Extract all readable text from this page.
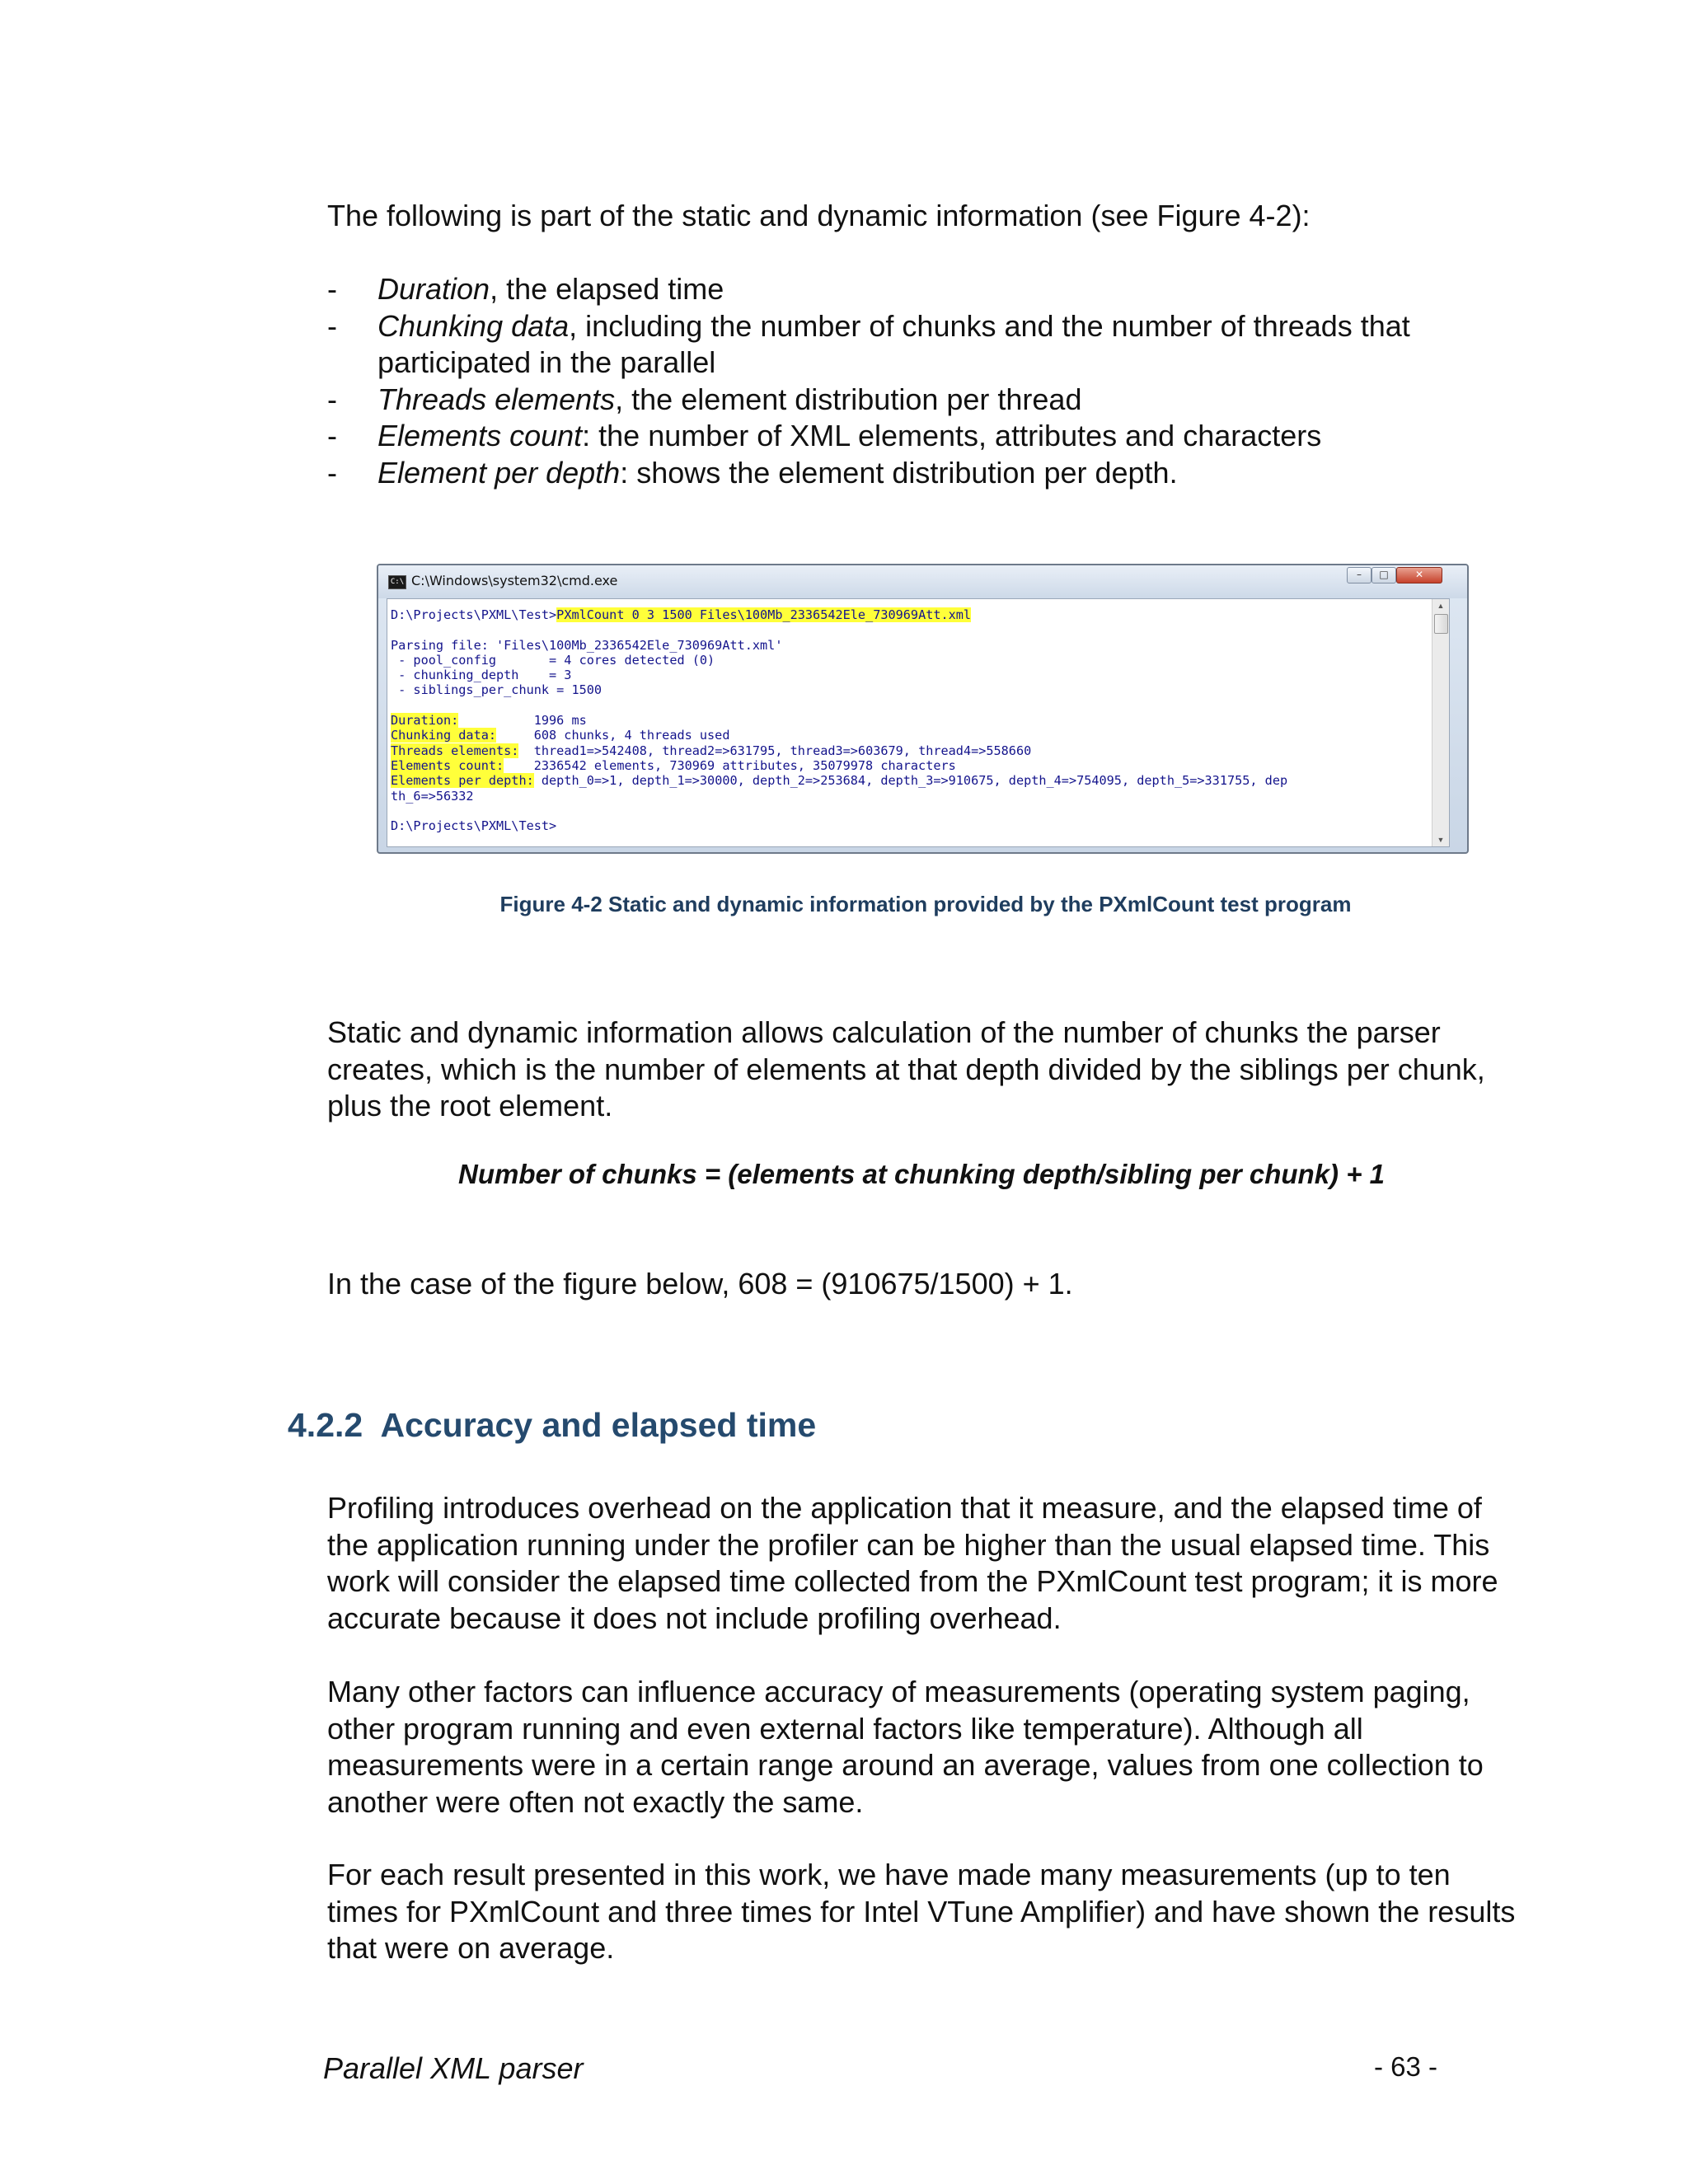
The following is part of the static and dynamic information (see Figure 4-2):

- Duration, the elapsed time
- Chunking data, including the number of chunks and the number of threads that participated in the parallel
- Threads elements, the element distribution per thread
- Elements count: the number of XML elements, attributes and characters
- Element per depth: shows the element distribution per depth.
C:\ C:\Windows\system32\cmd.exe	–	□	✕
D:\Projects\PXML\Test>PXmlCount 0 3 1500 Files\100Mb_2336542Ele_730969Att.xml

Parsing file: 'Files\100Mb_2336542Ele_730969Att.xml'
- pool_config       = 4 cores detected (0)
- chunking_depth    = 3
- siblings_per_chunk = 1500

Duration:	1996 ms
Chunking data:	608 chunks, 4 threads used
Threads elements: thread1=>542408, thread2=>631795, thread3=>603679, thread4=>558660
Elements count: 2336542 elements, 730969 attributes, 35079978 characters
Elements per depth: depth_0=>1, depth_1=>30000, depth_2=>253684, depth_3=>910675, depth_4=>754095, depth_5=>331755, dep
th_6=>56332

D:\Projects\PXML\Test>
▲
▼
Figure 4-2 Static and dynamic information provided by the PXmlCount test program

Static and dynamic information allows calculation of the number of chunks the parser creates, which is the number of elements at that depth divided by the siblings per chunk, plus the root element.

Number of chunks = (elements at chunking depth/sibling per chunk) + 1

In the case of the figure below, 608 = (910675/1500) + 1.

4.2.2 Accuracy and elapsed time

Profiling introduces overhead on the application that it measure, and the elapsed time of the application running under the profiler can be higher than the usual elapsed time. This work will consider the elapsed time collected from the PXmlCount test program; it is more accurate because it does not include profiling overhead.

Many other factors can influence accuracy of measurements (operating system paging, other program running and even external factors like temperature). Although all measurements were in a certain range around an average, values from one collection to another were often not exactly the same.

For each result presented in this work, we have made many measurements (up to ten times for PXmlCount and three times for Intel VTune Amplifier) and have shown the results that were on average.

Parallel XML parser	- 63 -
